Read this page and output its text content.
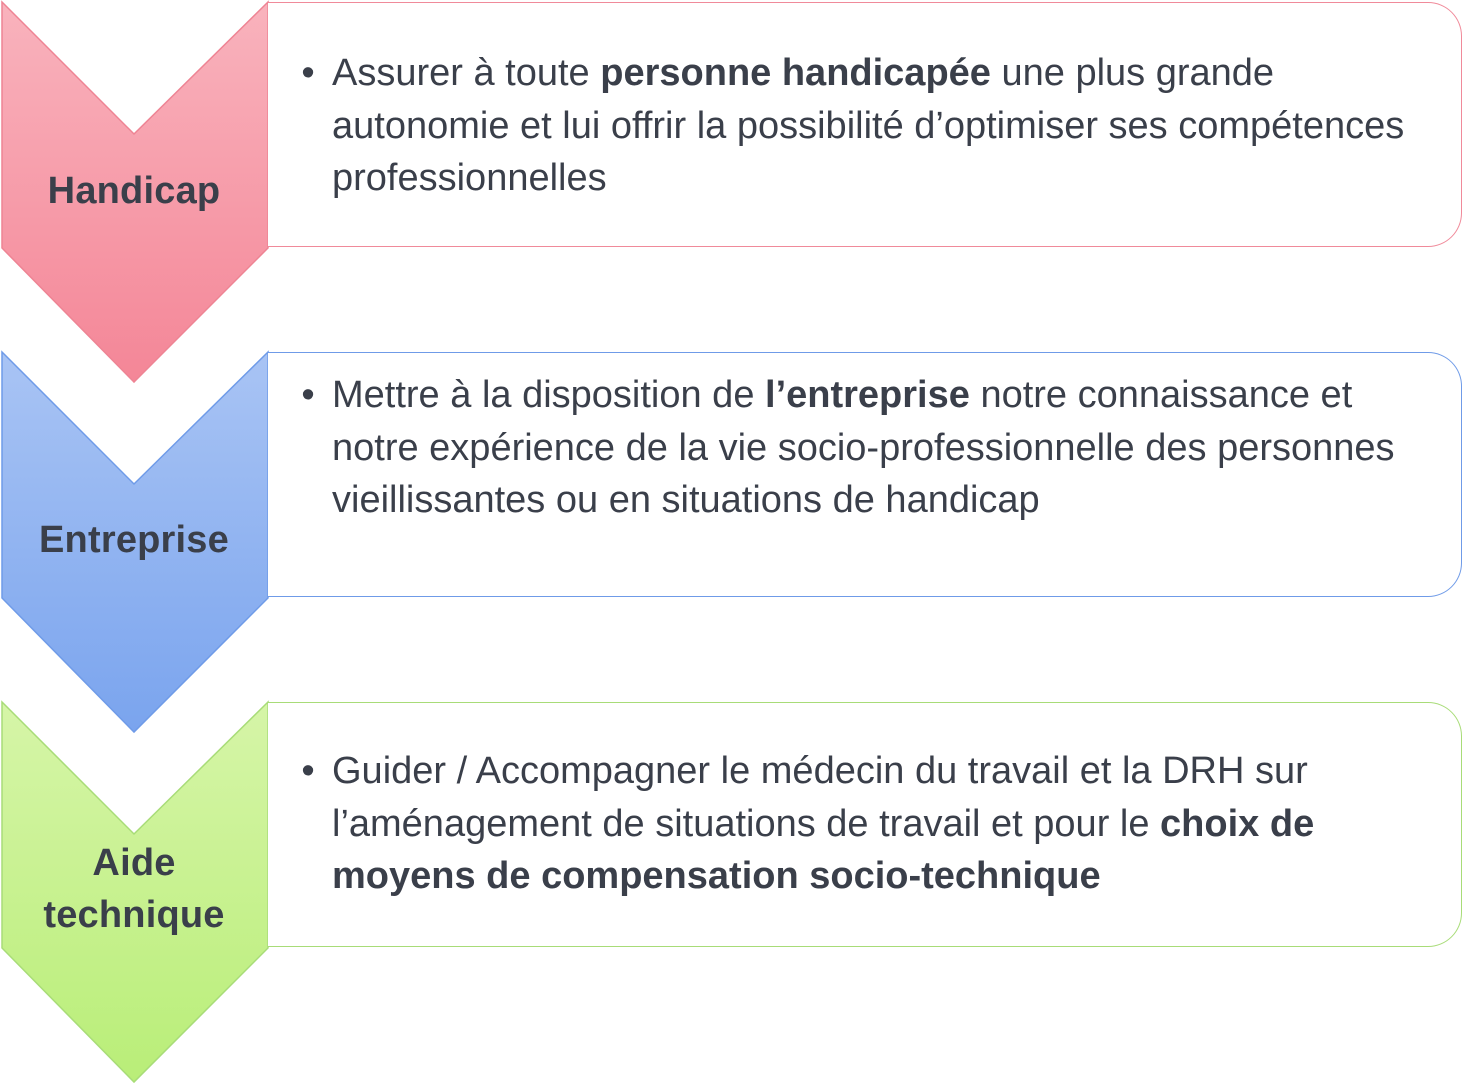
Handicap

• Assurer à toute personne handicapée une plus grande autonomie et lui offrir la possibilité d’optimiser ses compétences professionnelles

Entreprise

• Mettre à la disposition de l’entreprise notre connaissance et notre expérience de la vie socio-professionnelle des personnes vieillissantes ou en situations de handicap

Aide
technique

• Guider / Accompagner le médecin du travail et la DRH sur l’aménagement de situations de travail et pour le choix de moyens de compensation socio-technique
